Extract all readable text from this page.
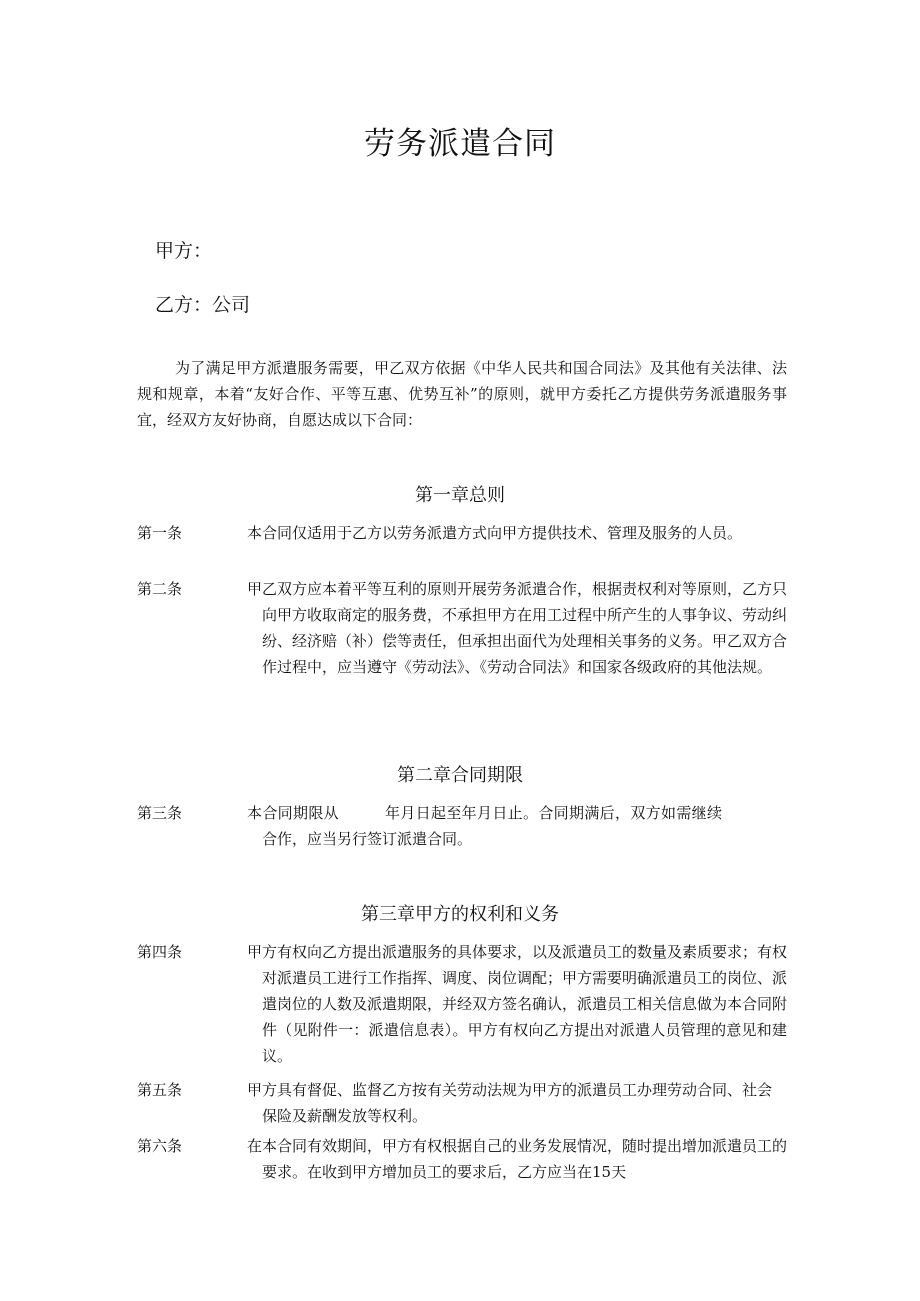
劳务派遣合同
甲方：
乙方：公司

为了满足甲方派遣服务需要，甲乙双方依据《中华人民共和国合同法》及其他有关法律、法规和规章，本着“友好合作、平等互惠、优势互补”的原则，就甲方委托乙方提供劳务派遣服务事宜，经双方友好协商，自愿达成以下合同：

第一章总则
第一条	本合同仅适用于乙方以劳务派遣方式向甲方提供技术、管理及服务的人员。
第二条	甲乙双方应本着平等互利的原则开展劳务派遣合作，根据责权利对等原则，乙方只向甲方收取商定的服务费，不承担甲方在用工过程中所产生的人事争议、劳动纠纷、经济赔（补）偿等责任，但承担出面代为处理相关事务的义务。甲乙双方合作过程中，应当遵守《劳动法》、《劳动合同法》和国家各级政府的其他法规。
第二章合同期限
第三条	本合同期限从　　　年月日起至年月日止。合同期满后，双方如需继续合作，应当另行签订派遣合同。
第三章甲方的权利和义务
第四条	甲方有权向乙方提出派遣服务的具体要求，以及派遣员工的数量及素质要求；有权对派遣员工进行工作指挥、调度、岗位调配；甲方需要明确派遣员工的岗位、派遣岗位的人数及派遣期限，并经双方签名确认，派遣员工相关信息做为本合同附件（见附件一：派遣信息表）。甲方有权向乙方提出对派遣人员管理的意见和建议。
第五条	甲方具有督促、监督乙方按有关劳动法规为甲方的派遣员工办理劳动合同、社会保险及薪酬发放等权利。
第六条	在本合同有效期间，甲方有权根据自己的业务发展情况，随时提出增加派遣员工的要求。在收到甲方增加员工的要求后，乙方应当在15天
